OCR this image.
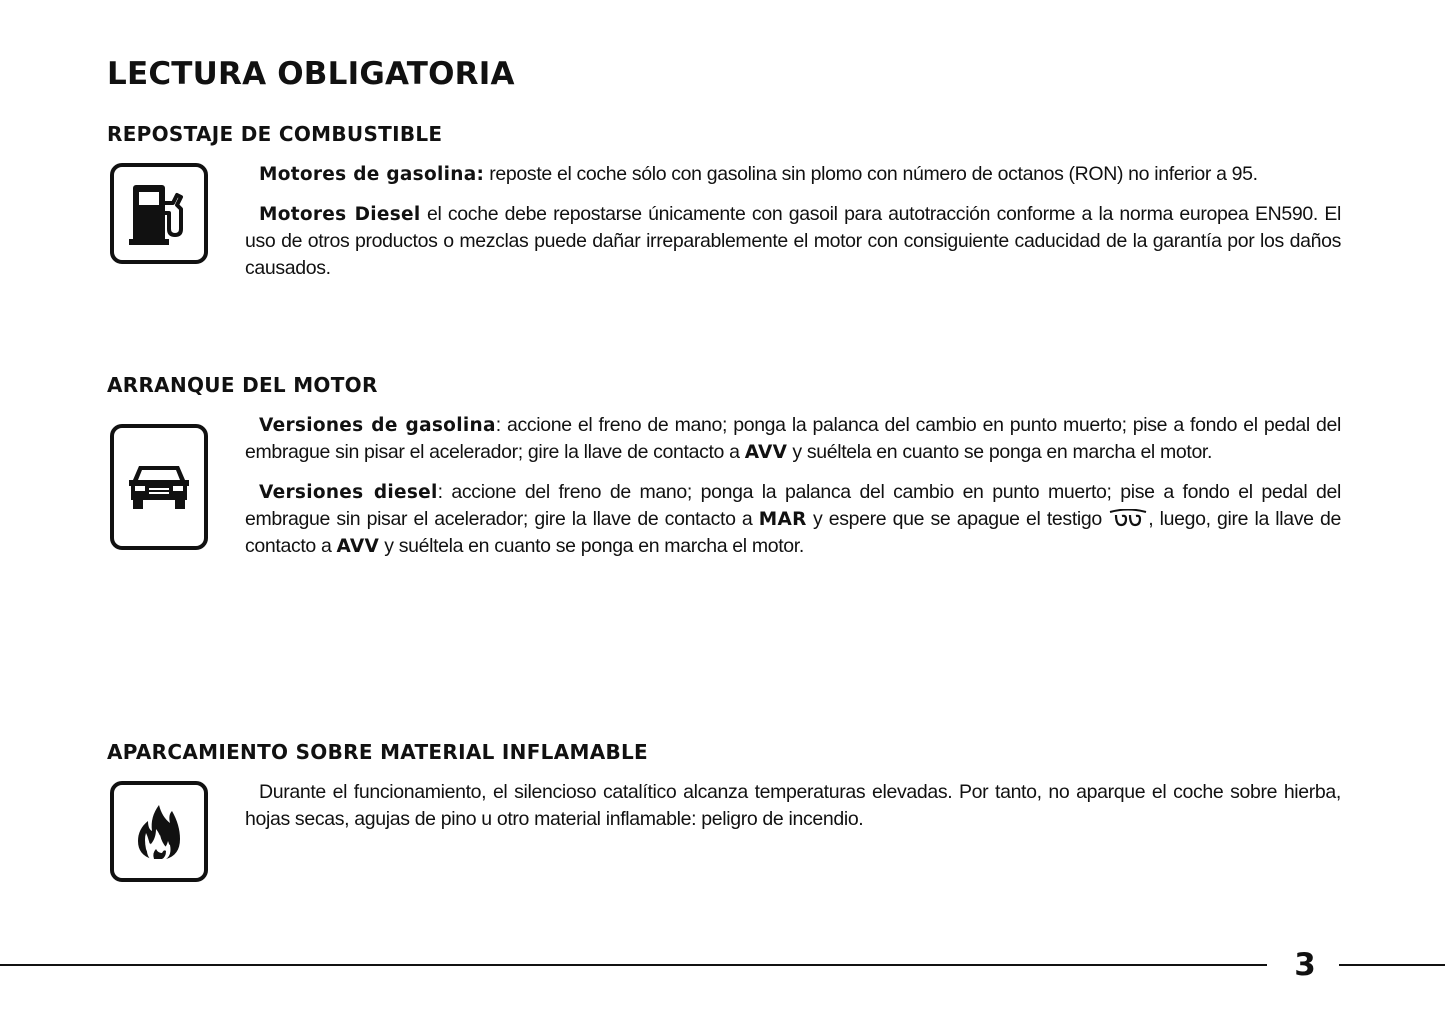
LECTURA OBLIGATORIA
REPOSTAJE DE COMBUSTIBLE

Motores de gasolina: reposte el coche sólo con gasolina sin plomo con número de octanos (RON) no inferior a 95.

Motores Diesel el coche debe repostarse únicamente con gasoil para autotracción conforme a la norma europea EN590. El uso de otros productos o mezclas puede dañar irreparablemente el motor con consiguiente caducidad de la garantía por los daños causados.

ARRANQUE DEL MOTOR

Versiones de gasolina: accione el freno de mano; ponga la palanca del cambio en punto muerto; pise a fondo el pedal del embrague sin pisar el acelerador; gire la llave de contacto a AVV y suéltela en cuanto se ponga en marcha el motor.

Versiones diesel: accione del freno de mano; ponga la palanca del cambio en punto muerto; pise a fondo el pedal del embrague sin pisar el acelerador; gire la llave de contacto a MAR y espere que se apague el testigo , luego, gire la llave de contacto a AVV y suéltela en cuanto se ponga en marcha el motor.

APARCAMIENTO SOBRE MATERIAL INFLAMABLE

Durante el funcionamiento, el silencioso catalítico alcanza temperaturas elevadas. Por tanto, no aparque el coche sobre hierba, hojas secas, agujas de pino u otro material inflamable: peligro de incendio.

3
